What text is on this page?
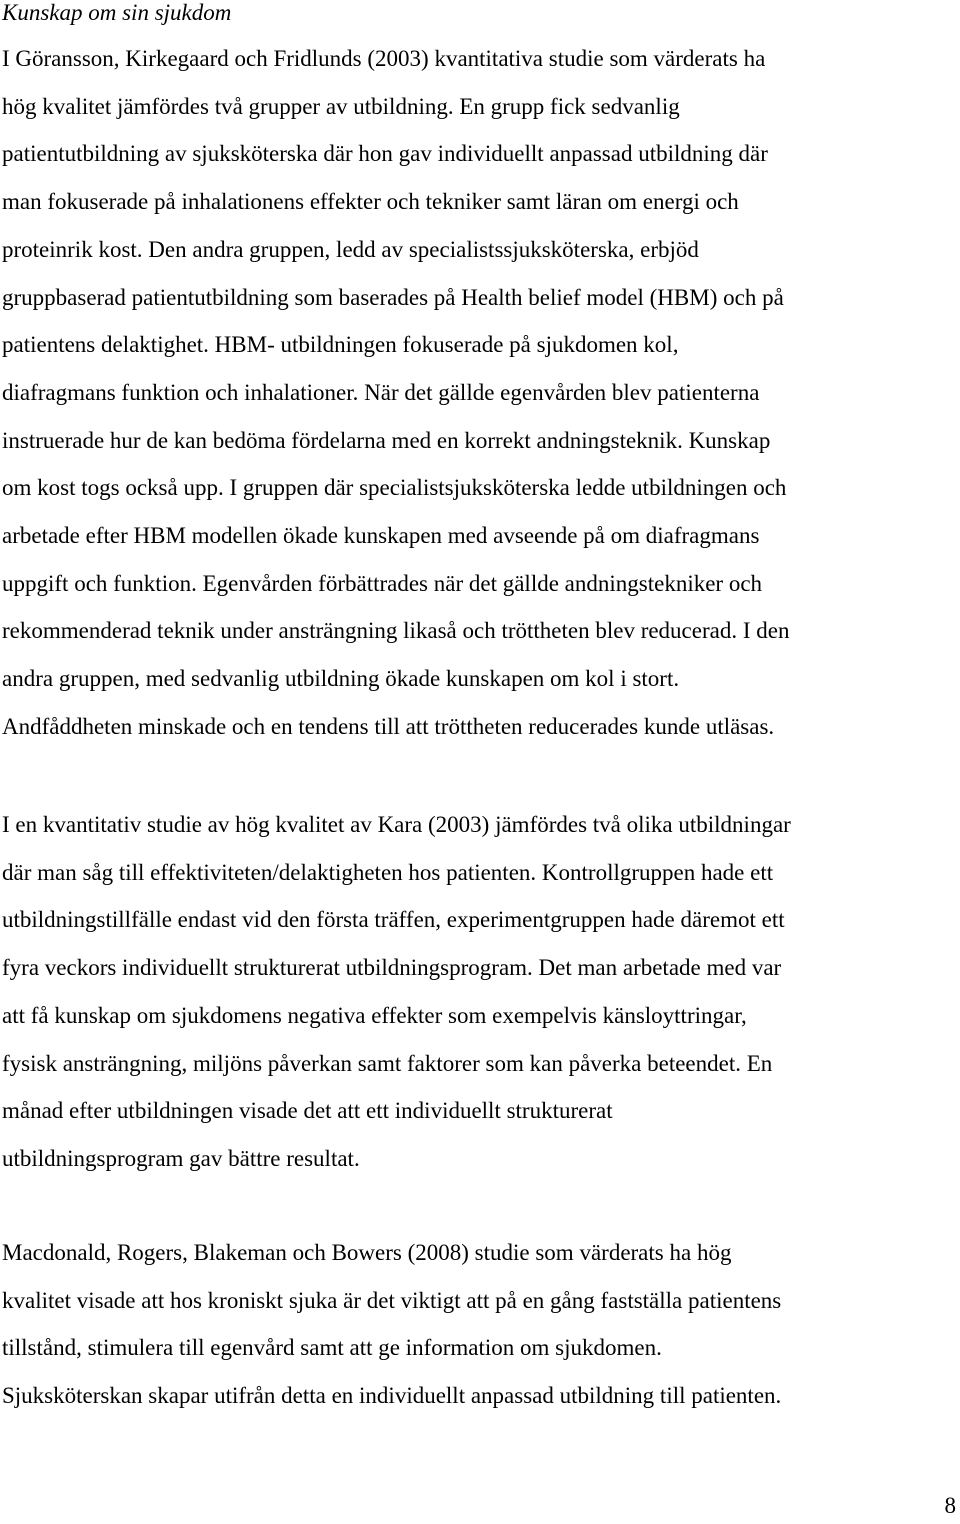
Kunskap om sin sjukdom
I Göransson, Kirkegaard och Fridlunds (2003) kvantitativa studie som värderats ha
hög kvalitet jämfördes två grupper av utbildning. En grupp fick sedvanlig
patientutbildning av sjuksköterska där hon gav individuellt anpassad utbildning där
man fokuserade på inhalationens effekter och tekniker samt läran om energi och
proteinrik kost. Den andra gruppen, ledd av specialistssjuksköterska, erbjöd
gruppbaserad patientutbildning som baserades på Health belief model (HBM) och på
patientens delaktighet. HBM- utbildningen fokuserade på sjukdomen kol,
diafragmans funktion och inhalationer. När det gällde egenvården blev patienterna
instruerade hur de kan bedöma fördelarna med en korrekt andningsteknik. Kunskap
om kost togs också upp. I gruppen där specialistsjuksköterska ledde utbildningen och
arbetade efter HBM modellen ökade kunskapen med avseende på om diafragmans
uppgift och funktion. Egenvården förbättrades när det gällde andningstekniker och
rekommenderad teknik under ansträngning likaså och tröttheten blev reducerad. I den
andra gruppen, med sedvanlig utbildning ökade kunskapen om kol i stort.
Andfåddheten minskade och en tendens till att tröttheten reducerades kunde utläsas.
I en kvantitativ studie av hög kvalitet av Kara (2003) jämfördes två olika utbildningar
där man såg till effektiviteten/delaktigheten hos patienten. Kontrollgruppen hade ett
utbildningstillfälle endast vid den första träffen, experimentgruppen hade däremot ett
fyra veckors individuellt strukturerat utbildningsprogram. Det man arbetade med var
att få kunskap om sjukdomens negativa effekter som exempelvis känsloyttringar,
fysisk ansträngning, miljöns påverkan samt faktorer som kan påverka beteendet. En
månad efter utbildningen visade det att ett individuellt strukturerat
utbildningsprogram gav bättre resultat.
Macdonald, Rogers, Blakeman och Bowers (2008) studie som värderats ha hög
kvalitet visade att hos kroniskt sjuka är det viktigt att på en gång fastställa patientens
tillstånd, stimulera till egenvård samt att ge information om sjukdomen.
Sjuksköterskan skapar utifrån detta en individuellt anpassad utbildning till patienten.

8
